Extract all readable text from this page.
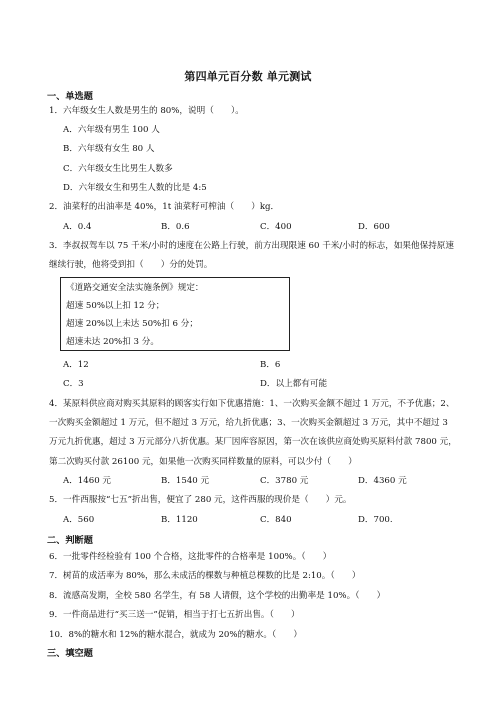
第四单元百分数 单元测试
一、单选题
1．六年级女生人数是男生的 80%，说明（　　）。
A．六年级有男生 100 人
B．六年级有女生 80 人
C．六年级女生比男生人数多
D．六年级女生和男生人数的比是 4:5
2．油菜籽的出油率是 40%，1t 油菜籽可榨油（　　）kg．
A．0.4	B．0.6	C．400	D．600
3．李叔叔驾车以 75 千米/小时的速度在公路上行驶，前方出现限速 60 千米/小时的标志，如果他保持原速
继续行驶，他将受到扣（　　）分的处罚。
《道路交通安全法实施条例》规定：
超速 50%以上扣 12 分；
超速 20%以上未达 50%扣 6 分；
超速未达 20%扣 3 分。
A．12	B．6
C．3	D．以上都有可能
4．某原料供应商对购买其原料的顾客实行如下优惠措施：1、一次购买金额不超过 1 万元，不予优惠；2、
一次购买金额超过 1 万元，但不超过 3 万元，给九折优惠；3、一次购买金额超过 3 万元，其中不超过 3
万元九折优惠，超过 3 万元部分八折优惠。某厂因库容原因，第一次在该供应商处购买原料付款 7800 元，
第二次购买付款 26100 元，如果他一次购买同样数量的原料，可以少付（　　）
A．1460 元	B．1540 元	C．3780 元	D．4360 元
5．一件西服按“七五”折出售，便宜了 280 元，这件西服的现价是（　　）元。
A．560	B．1120	C．840	D．700.
二、判断题
6．一批零件经检验有 100 个合格，这批零件的合格率是 100%。（　　）
7．树苗的成活率为 80%，那么未成活的棵数与种植总棵数的比是 2:10。（　　）
8．流感高发期，全校 580 名学生，有 58 人请假，这个学校的出勤率是 10%。（　　）
9．一件商品进行“买三送一”促销，相当于打七五折出售。（　　）
10．8%的糖水和 12%的糖水混合，就成为 20%的糖水。（　　）
三、填空题
